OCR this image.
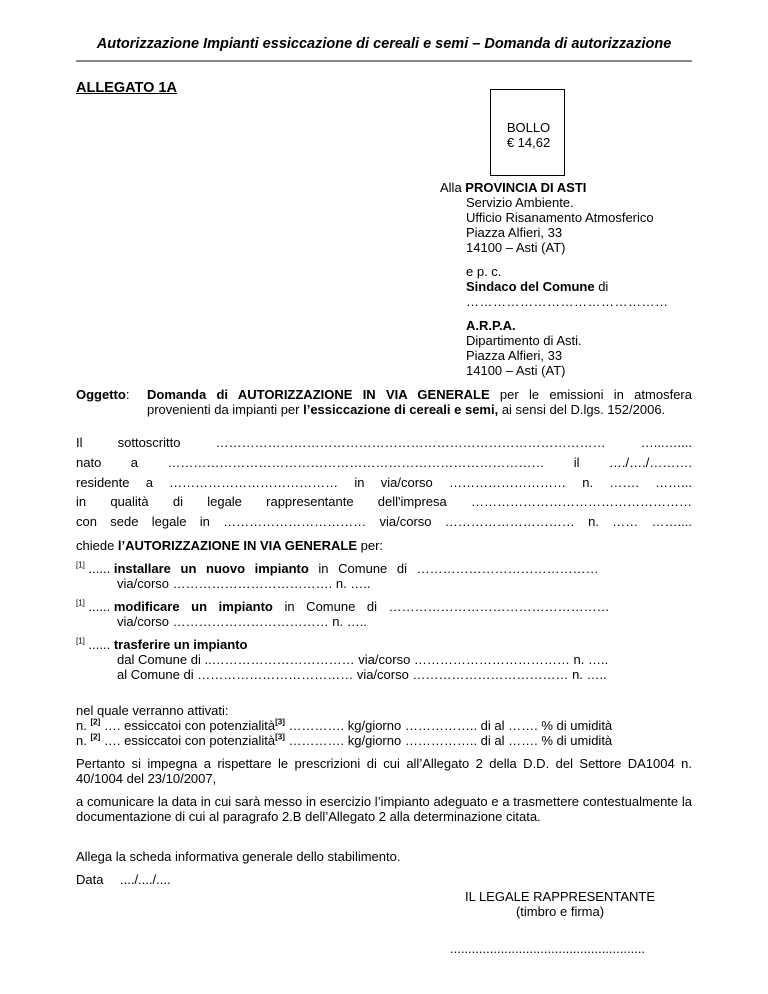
Autorizzazione Impianti essiccazione di cereali e semi – Domanda di autorizzazione
ALLEGATO 1A
BOLLO
€ 14,62
Alla PROVINCIA DI ASTI
Servizio Ambiente.
Ufficio Risanamento Atmosferico
Piazza Alfieri, 33
14100 – Asti (AT)
e p. c.
Sindaco del Comune di
………………………………………
A.R.P.A.
Dipartimento di Asti.
Piazza Alfieri, 33
14100 – Asti (AT)
Oggetto: Domanda di AUTORIZZAZIONE IN VIA GENERALE per le emissioni in atmosfera provenienti da impianti per l’essiccazione di cereali e semi, ai sensi del D.lgs. 152/2006.
Il sottoscritto ……………………………………………………………………………… …...…....
nato a …………………………………………………………………………… il …./…./……….
residente a ………………………………… in via/corso ……………………… n. ……. ……...
in qualità di legale rappresentante dell'impresa ……………………………………………
con sede legale in …………………………… via/corso ………………………… n. …… ……....
chiede l’AUTORIZZAZIONE IN VIA GENERALE per:
[1] ...... installare un nuovo impianto in Comune di ……………………………………
via/corso ………………………………. n. …..
[1] ...... modificare un impianto in Comune di ……………………………………………
via/corso ……………………………… n. …..
[1] ...... trasferire un impianto
dal Comune di ..…………………………… via/corso ……………………………… n. …..
al Comune di ……………………………… via/corso ……………………………… n. …..
nel quale verranno attivati:
n. [2] …. essiccatoi con potenzialità[3] …………. kg/giorno …………….. di al ……. % di umidità
n. [2] …. essiccatoi con potenzialità[3] …………. kg/giorno …………….. di al ……. % di umidità
Pertanto si impegna a rispettare le prescrizioni di cui all’Allegato 2 della D.D. del Settore DA1004 n. 40/1004 del 23/10/2007,
a comunicare la data in cui sarà messo in esercizio l’impianto adeguato e a trasmettere contestualmente la documentazione di cui al paragrafo 2.B dell’Allegato 2 alla determinazione citata.
Allega la scheda informativa generale dello stabilimento.
Data ..../..../....
IL LEGALE RAPPRESENTANTE
(timbro e firma)
......................................................
